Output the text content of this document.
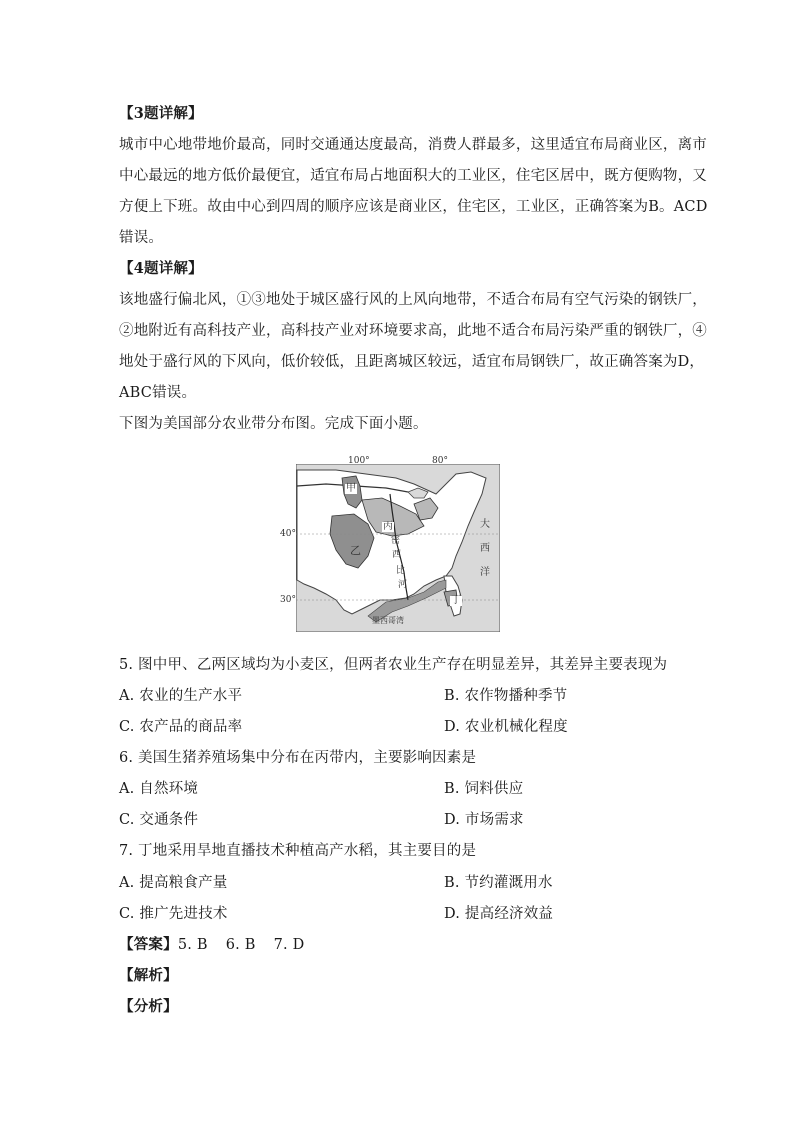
【3题详解】
城市中心地带地价最高，同时交通通达度最高，消费人群最多，这里适宜布局商业区，离市
中心最远的地方低价最便宜，适宜布局占地面积大的工业区，住宅区居中，既方便购物，又
方便上下班。故由中心到四周的顺序应该是商业区，住宅区，工业区，正确答案为B。ACD
错误。
【4题详解】
该地盛行偏北风，①③地处于城区盛行风的上风向地带，不适合布局有空气污染的钢铁厂，
②地附近有高科技产业，高科技产业对环境要求高，此地不适合布局污染严重的钢铁厂，④
地处于盛行风的下风向，低价较低，且距离城区较远，适宜布局钢铁厂，故正确答案为D，
ABC错误。
下图为美国部分农业带分布图。完成下面小题。
100°	80°
40°
30°
甲
乙
丙
丁
密
西
比
河
大
西
洋
墨西哥湾
5. 图中甲、乙两区域均为小麦区，但两者农业生产存在明显差异，其差异主要表现为
A. 农业的生产水平	B. 农作物播种季节
C. 农产品的商品率	D. 农业机械化程度
6. 美国生猪养殖场集中分布在丙带内，主要影响因素是
A. 自然环境	B. 饲料供应
C. 交通条件	D. 市场需求
7. 丁地采用旱地直播技术种植高产水稻，其主要目的是
A. 提高粮食产量	B. 节约灌溉用水
C. 推广先进技术	D. 提高经济效益
【答案】5. B 6. B 7. D
【解析】
【分析】
